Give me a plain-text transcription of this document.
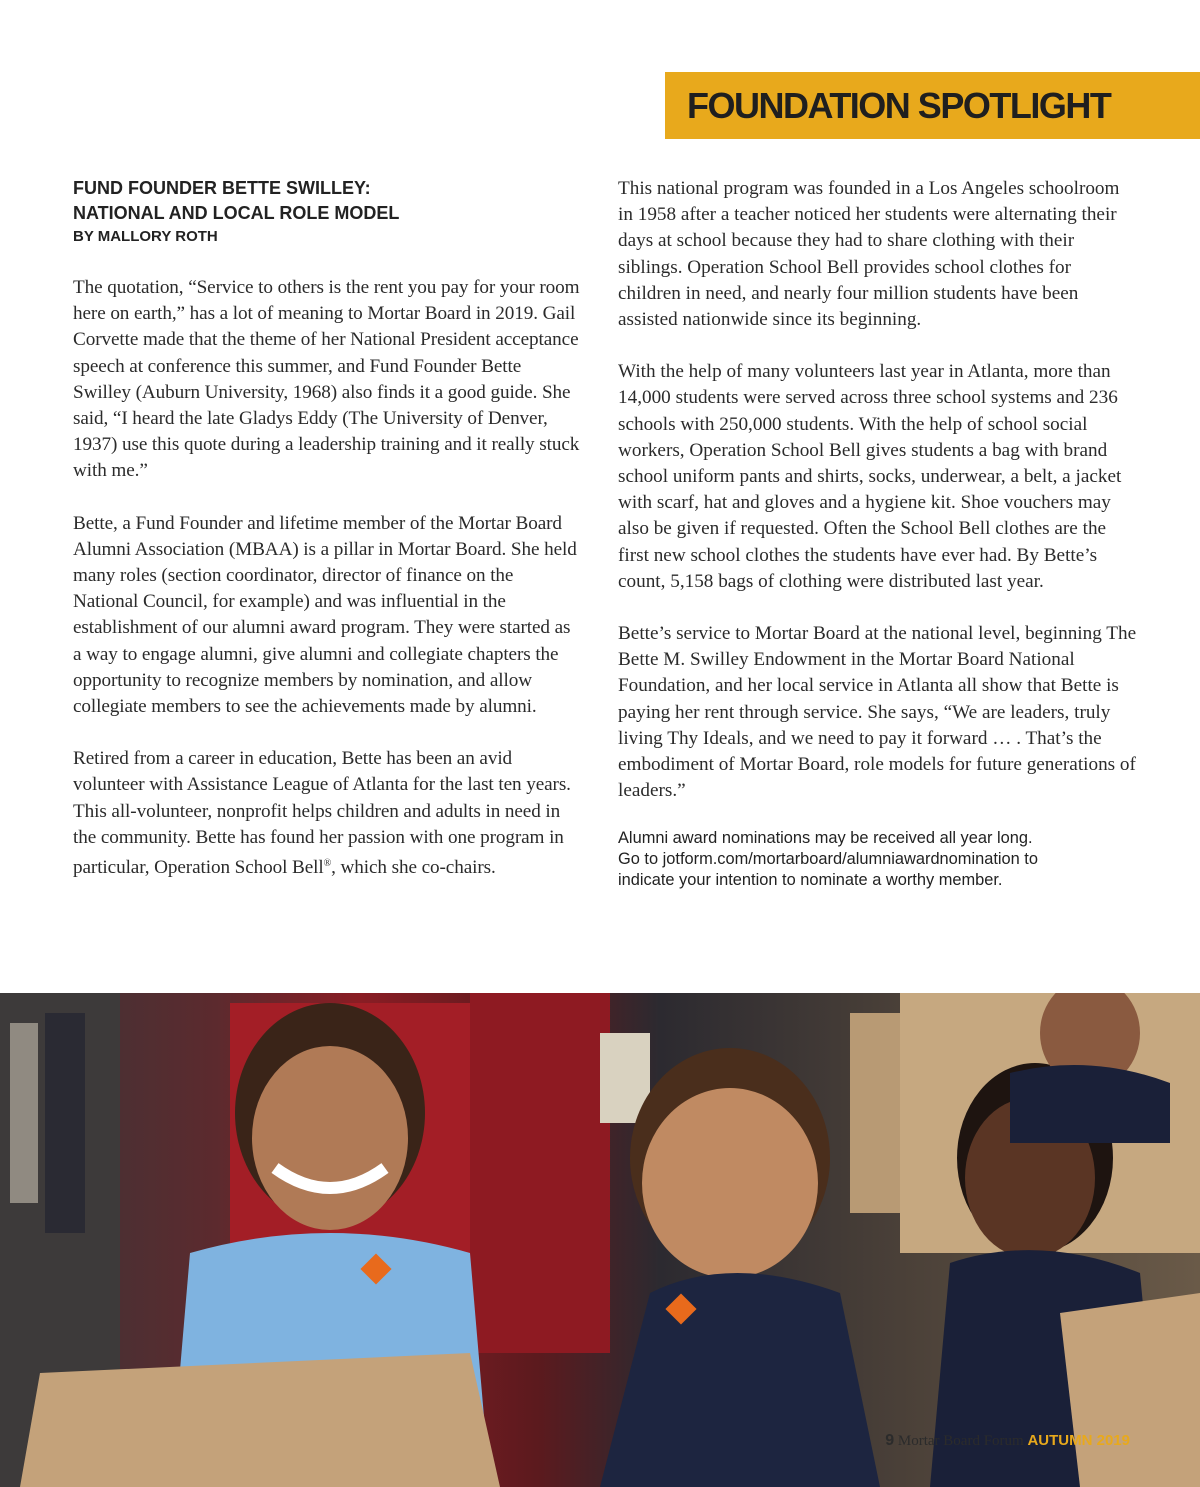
FOUNDATION SPOTLIGHT
FUND FOUNDER BETTE SWILLEY:
NATIONAL AND LOCAL ROLE MODEL
BY MALLORY ROTH

The quotation, “Service to others is the rent you pay for your room here on earth,” has a lot of meaning to Mortar Board in 2019. Gail Corvette made that the theme of her National President acceptance speech at conference this summer, and Fund Founder Bette Swilley (Auburn University, 1968) also finds it a good guide. She said, “I heard the late Gladys Eddy (The University of Denver, 1937) use this quote during a leadership training and it really stuck with me.”

Bette, a Fund Founder and lifetime member of the Mortar Board Alumni Association (MBAA) is a pillar in Mortar Board. She held many roles (section coordinator, director of finance on the National Council, for example) and was influential in the establishment of our alumni award program. They were started as a way to engage alumni, give alumni and collegiate chapters the opportunity to recognize members by nomination, and allow collegiate members to see the achievements made by alumni.

Retired from a career in education, Bette has been an avid volunteer with Assistance League of Atlanta for the last ten years. This all-volunteer, nonprofit helps children and adults in need in the community. Bette has found her passion with one program in particular, Operation School Bell®, which she co-chairs.

This national program was founded in a Los Angeles schoolroom in 1958 after a teacher noticed her students were alternating their days at school because they had to share clothing with their siblings. Operation School Bell provides school clothes for children in need, and nearly four million students have been assisted nationwide since its beginning.

With the help of many volunteers last year in Atlanta, more than 14,000 students were served across three school systems and 236 schools with 250,000 students. With the help of school social workers, Operation School Bell gives students a bag with brand school uniform pants and shirts, socks, underwear, a belt, a jacket with scarf, hat and gloves and a hygiene kit. Shoe vouchers may also be given if requested. Often the School Bell clothes are the first new school clothes the students have ever had. By Bette’s count, 5,158 bags of clothing were distributed last year.

Bette’s service to Mortar Board at the national level, beginning The Bette M. Swilley Endowment in the Mortar Board National Foundation, and her local service in Atlanta all show that Bette is paying her rent through service. She says, “We are leaders, truly living Thy Ideals, and we need to pay it forward … . That’s the embodiment of Mortar Board, role models for future generations of leaders.”

Alumni award nominations may be received all year long.
Go to jotform.com/mortarboard/alumniawardnomination to
indicate your intention to nominate a worthy member.
9 Mortar Board Forum AUTUMN 2019
